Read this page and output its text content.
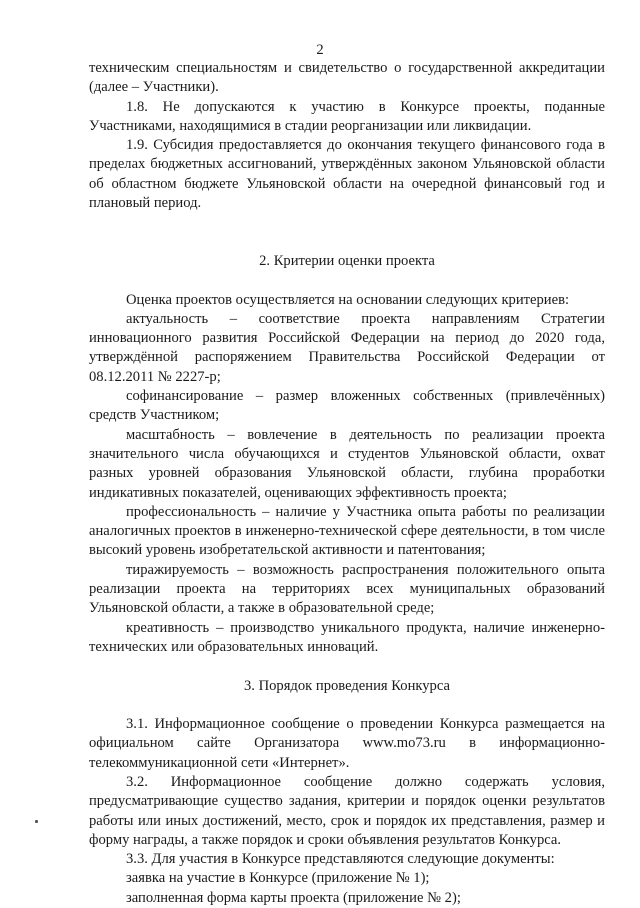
2

техническим специальностям и свидетельство о государственной аккредитации (далее – Участники).

1.8. Не допускаются к участию в Конкурсе проекты, поданные Участниками, находящимися в стадии реорганизации или ликвидации.

1.9. Субсидия предоставляется до окончания текущего финансового года в пределах бюджетных ассигнований, утверждённых законом Ульяновской области об областном бюджете Ульяновской области на очередной финансовый год и плановый период.

2. Критерии оценки проекта

Оценка проектов осуществляется на основании следующих критериев:

актуальность – соответствие проекта направлениям Стратегии инновационного развития Российской Федерации на период до 2020 года, утверждённой распоряжением Правительства Российской Федерации от 08.12.2011 № 2227-р;

софинансирование – размер вложенных собственных (привлечённых) средств Участником;

масштабность – вовлечение в деятельность по реализации проекта значительного числа обучающихся и студентов Ульяновской области, охват разных уровней образования Ульяновской области, глубина проработки индикативных показателей, оценивающих эффективность проекта;

профессиональность – наличие у Участника опыта работы по реализации аналогичных проектов в инженерно-технической сфере деятельности, в том числе высокий уровень изобретательской активности и патентования;

тиражируемость – возможность распространения положительного опыта реализации проекта на территориях всех муниципальных образований Ульяновской области, а также в образовательной среде;

креативность – производство уникального продукта, наличие инженерно-технических или образовательных инноваций.

3. Порядок проведения Конкурса

3.1. Информационное сообщение о проведении Конкурса размещается на официальном сайте Организатора www.mo73.ru в информационно-телекоммуникационной сети «Интернет».

3.2. Информационное сообщение должно содержать условия, предусматривающие существо задания, критерии и порядок оценки результатов работы или иных достижений, место, срок и порядок их представления, размер и форму награды, а также порядок и сроки объявления результатов Конкурса.

3.3. Для участия в Конкурсе представляются следующие документы:

заявка на участие в Конкурсе (приложение № 1);

заполненная форма карты проекта (приложение № 2);
